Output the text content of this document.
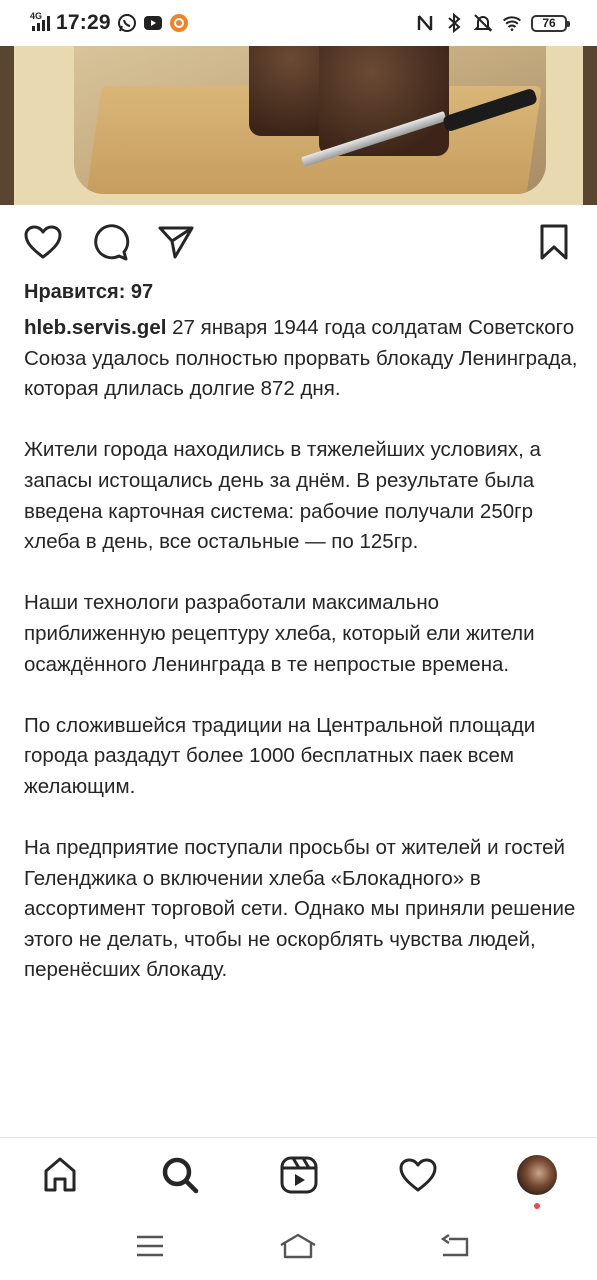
4G 17:29	76
Нравится: 97

hleb.servis.gel 27 января 1944 года солдатам Советского Союза удалось полностью прорвать блокаду Ленинграда, которая длилась долгие 872 дня.

Жители города находились в тяжелейших условиях, а запасы истощались день за днём. В результате была введена карточная система: рабочие получали 250гр хлеба в день, все остальные — по 125гр.

Наши технологи разработали максимально приближенную рецептуру хлеба, который ели жители осаждённого Ленинграда в те непростые времена.

По сложившейся традиции на Центральной площади города раздадут более 1000 бесплатных паек всем желающим.

На предприятие поступали просьбы от жителей и гостей Геленджика о включении хлеба «Блокадного» в ассортимент торговой сети. Однако мы приняли решение этого не делать, чтобы не оскорблять чувства людей, перенёсших блокаду.
